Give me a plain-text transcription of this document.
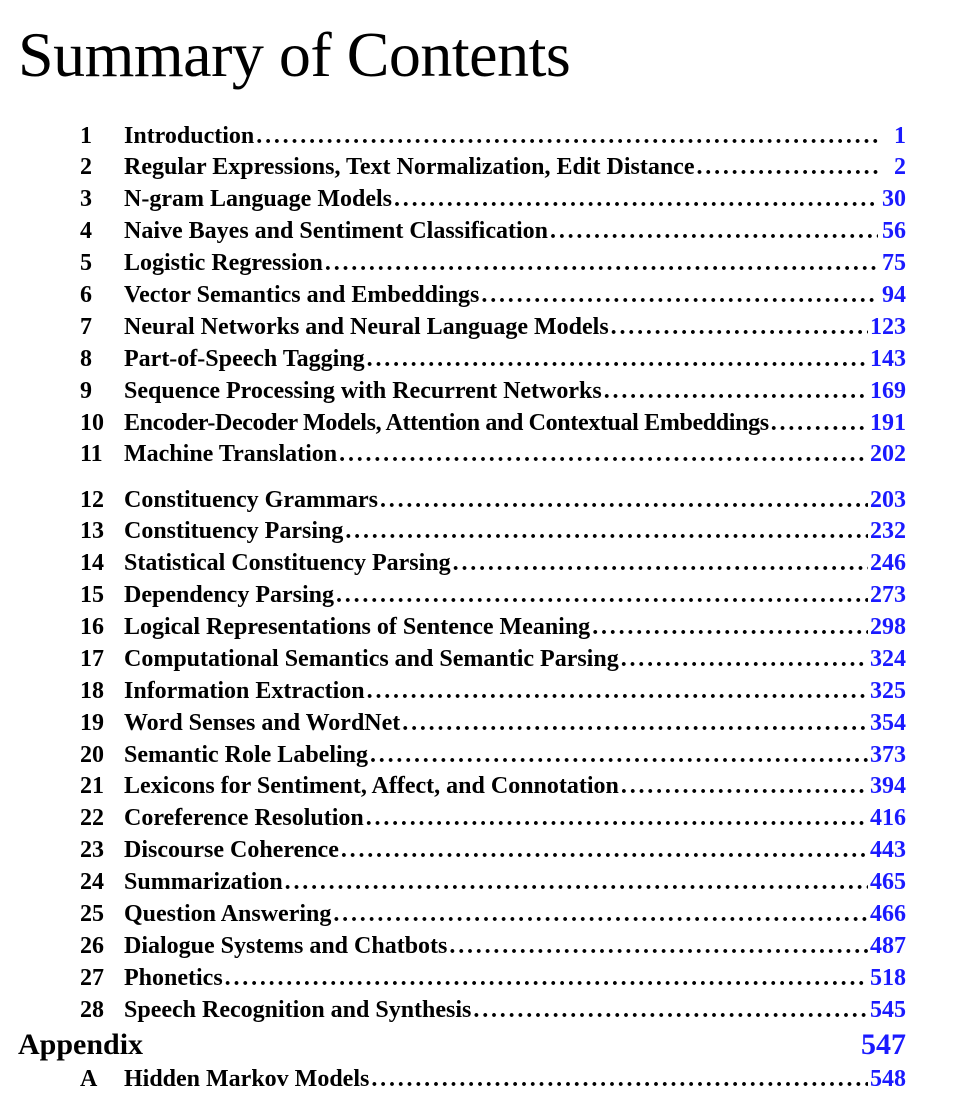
Summary of Contents
1	Introduction . . .	1
2	Regular Expressions, Text Normalization, Edit Distance . . .	2
3	N-gram Language Models . . .	30
4	Naive Bayes and Sentiment Classification . . .	56
5	Logistic Regression . . .	75
6	Vector Semantics and Embeddings . . .	94
7	Neural Networks and Neural Language Models . . .	123
8	Part-of-Speech Tagging . . .	143
9	Sequence Processing with Recurrent Networks . . .	169
10 Encoder-Decoder Models, Attention and Contextual Embeddings . . .	191
11 Machine Translation . . .	202
12 Constituency Grammars . . .	203
13 Constituency Parsing . . .	232
14 Statistical Constituency Parsing . . .	246
15 Dependency Parsing . . .	273
16 Logical Representations of Sentence Meaning . . .	298
17 Computational Semantics and Semantic Parsing . . .	324
18 Information Extraction . . .	325
19 Word Senses and WordNet . . .	354
20 Semantic Role Labeling . . .	373
21 Lexicons for Sentiment, Affect, and Connotation . . .	394
22 Coreference Resolution . . .	416
23 Discourse Coherence . . .	443
24 Summarization . . .	465
25 Question Answering . . .	466
26 Dialogue Systems and Chatbots . . .	487
27 Phonetics . . .	518
28 Speech Recognition and Synthesis . . .	545
Appendix	547
A	Hidden Markov Models . . .	548
